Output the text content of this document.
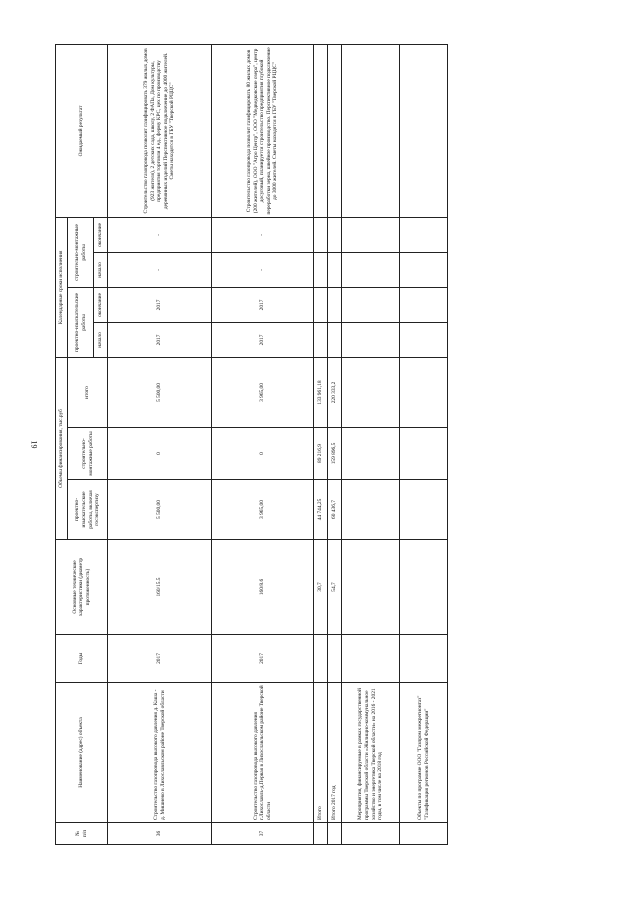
19
№
п/п	Наименование (адрес) объекта	Годы	Основные технические характеристики (диаметр протяженность)	Объемы финансирования, тыс.руб			Календарные сроки исполнения				Ожидаемый результат
				проектно-изыскательские работы, включая госэкспертизу	строительно-монтажные работы	итого	проектно-изыскательские работы		строительно-монтажные работы		
							начало	окончание	начало	окончание	
36	Строительство газопровода высокого давления д. Каша - д. Мишнево в Лихославльском районе Тверской области	2017	160/15.5	5 500,00	0	5 500,00	2017	2017	-	-	Строительство газопровода позволит газифицировать 379 жилых домов (923 жителя), 2 детских сада, школу, 2 ФАПа, Дом культуры, предприятия торговли 4 ед., ферму КРС, цех по производству деревянных изделий Перспективное подключение до 4000 жителей. Сметы находятся в ГБУ "Тверской РЦЦС"
37	Строительство газопровода высокого давления г.Лихославль-д.Первая в Лихославльском районе Тверской области	2017	160/8.6	3 965,00	0	3 965,00	2017	2017	-	-	Строительство газопровода позволит газифицировать 80 жилых домов (200 жителей), ООО "Агро Центр", ООО "Медведковские озера", центр досуговый, планируется строительство предприятия глубокой переработки зерна, швейное производство. Перспективное подключение до 3000 жителей. Сметы находятся в ГБУ "Тверской РЦЦС"
	Итого		30,7	44 744,25	89 216,9	133 961,18					
	Итого 2017 год		54,7	60 436,7	159 896,5	220 333,2					
	Мероприятия, финансируемые в рамках государственной программы Тверской области «Жилищно-коммунальное хозяйство и энергетика Тверской области» на 2016 - 2021 годы, в том числе на 2018 год										
	Объекты по программе ООО "Газпром межрегионгаз" "Газификация регионов Российской Федерации"										
